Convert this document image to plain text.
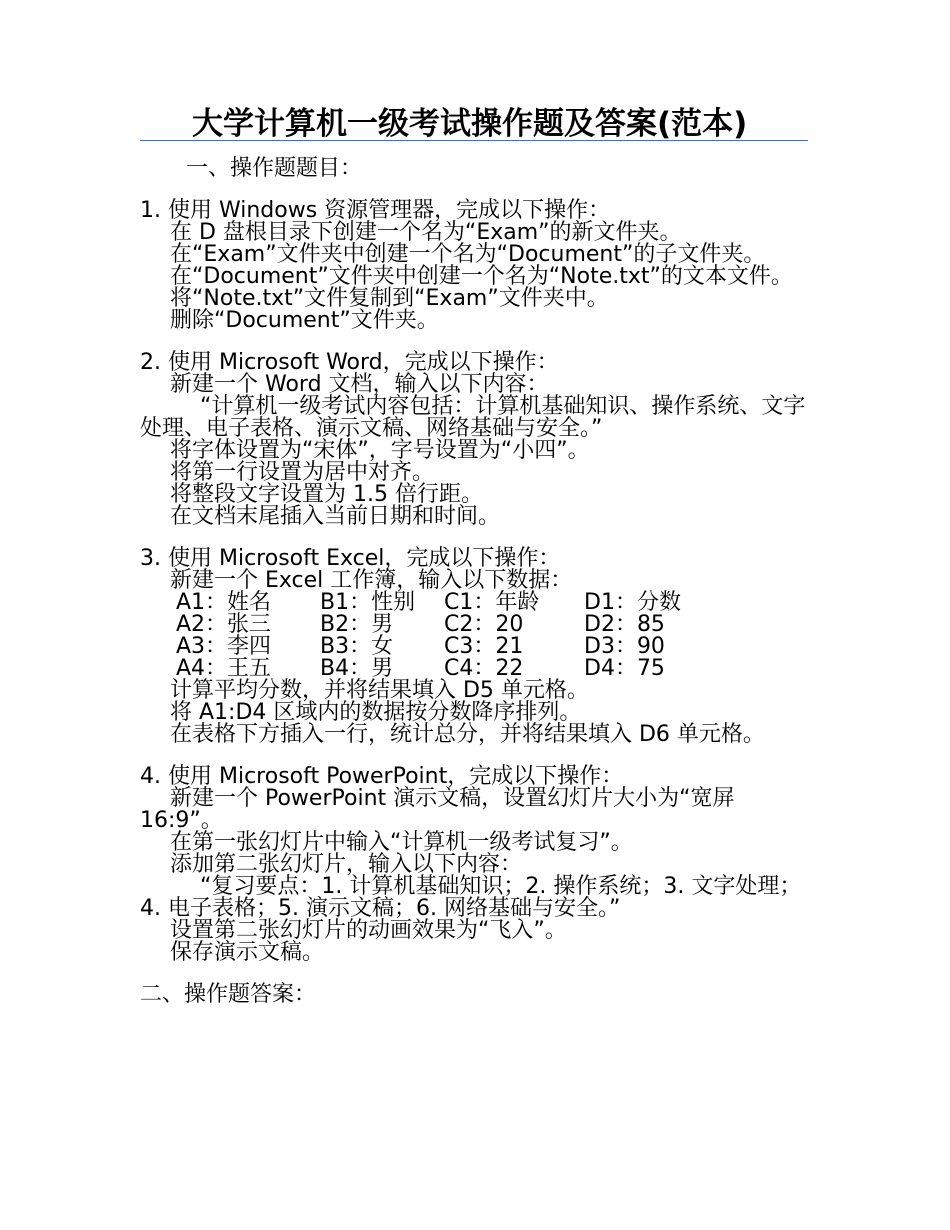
大学计算机一级考试操作题及答案(范本)

一、操作题题目：

1. 使用 Windows 资源管理器，完成以下操作：

在 D 盘根目录下创建一个名为“Exam”的新文件夹。

在“Exam”文件夹中创建一个名为“Document”的子文件夹。

在“Document”文件夹中创建一个名为“Note.txt”的文本文件。

将“Note.txt”文件复制到“Exam”文件夹中。

删除“Document”文件夹。

2. 使用 Microsoft Word，完成以下操作：

新建一个 Word 文档，输入以下内容：

“计算机一级考试内容包括：计算机基础知识、操作系统、文字处理、电子表格、演示文稿、网络基础与安全。”

将字体设置为“宋体”，字号设置为“小四”。

将第一行设置为居中对齐。

将整段文字设置为 1.5 倍行距。

在文档末尾插入当前日期和时间。

3. 使用 Microsoft Excel，完成以下操作：

新建一个 Excel 工作簿，输入以下数据：

A1：姓名	B1：性别	C1：年龄	D1：分数
A2：张三	B2：男	C2：20	D2：85
A3：李四	B3：女	C3：21	D3：90
A4：王五	B4：男	C4：22	D4：75

计算平均分数，并将结果填入 D5 单元格。

将 A1:D4 区域内的数据按分数降序排列。

在表格下方插入一行，统计总分，并将结果填入 D6 单元格。

4. 使用 Microsoft PowerPoint，完成以下操作：

新建一个 PowerPoint 演示文稿，设置幻灯片大小为“宽屏 16:9”。

在第一张幻灯片中输入“计算机一级考试复习”。

添加第二张幻灯片，输入以下内容：

“复习要点：1. 计算机基础知识；2. 操作系统；3. 文字处理；4. 电子表格；5. 演示文稿；6. 网络基础与安全。”

设置第二张幻灯片的动画效果为“飞入”。

保存演示文稿。

二、操作题答案：
